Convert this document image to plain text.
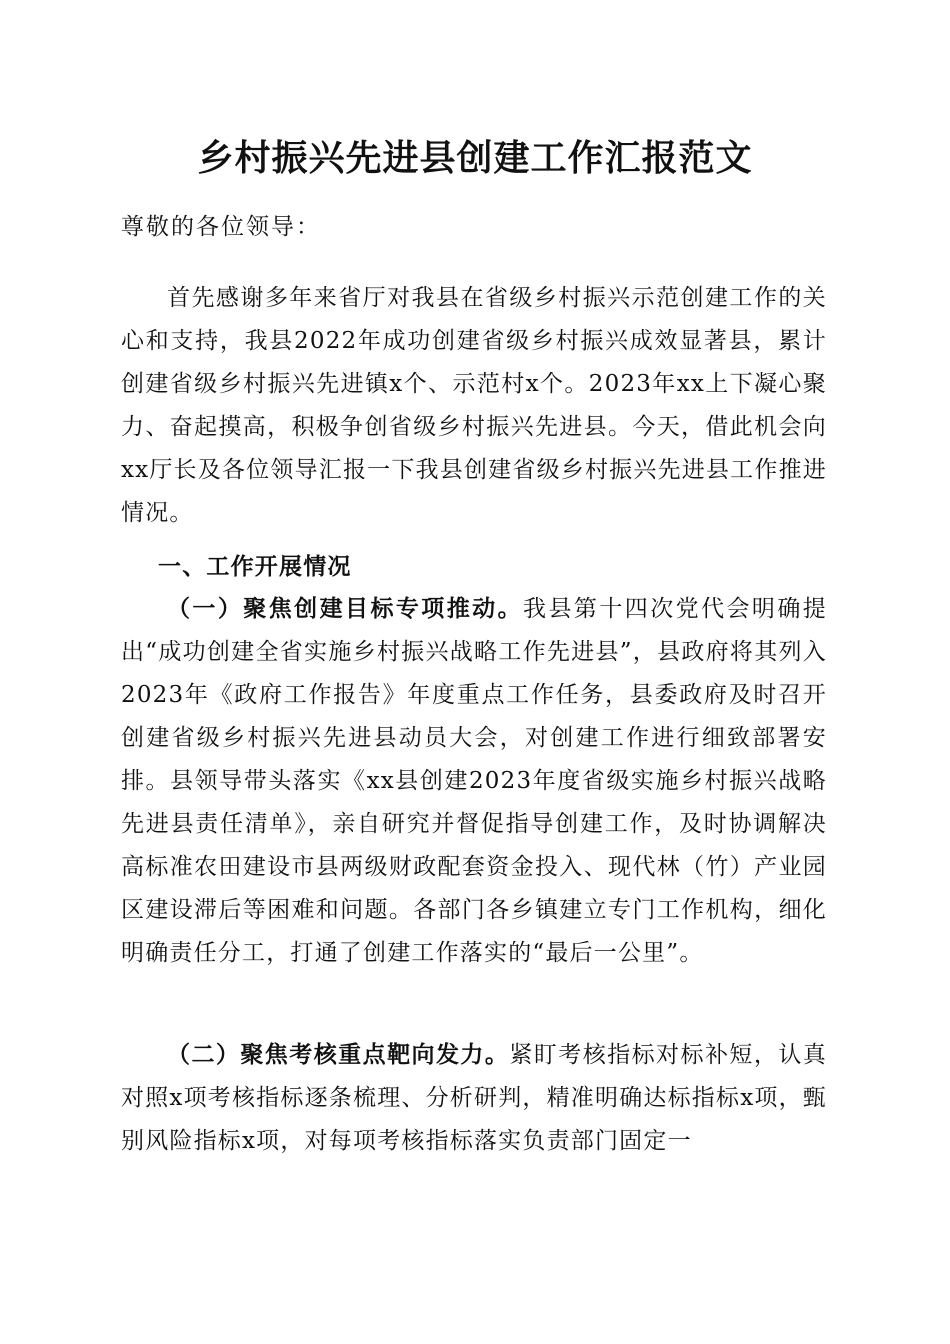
乡村振兴先进县创建工作汇报范文
尊敬的各位领导：

首先感谢多年来省厅对我县在省级乡村振兴示范创建工作的关心和支持，我县2022年成功创建省级乡村振兴成效显著县，累计创建省级乡村振兴先进镇x个、示范村x个。2023年xx上下凝心聚力、奋起摸高，积极争创省级乡村振兴先进县。今天，借此机会向xx厅长及各位领导汇报一下我县创建省级乡村振兴先进县工作推进情况。

一、工作开展情况

（一）聚焦创建目标专项推动。我县第十四次党代会明确提出“成功创建全省实施乡村振兴战略工作先进县”，县政府将其列入2023年《政府工作报告》年度重点工作任务，县委政府及时召开创建省级乡村振兴先进县动员大会，对创建工作进行细致部署安排。县领导带头落实《xx县创建2023年度省级实施乡村振兴战略先进县责任清单》，亲自研究并督促指导创建工作，及时协调解决高标准农田建设市县两级财政配套资金投入、现代林（竹）产业园区建设滞后等困难和问题。各部门各乡镇建立专门工作机构，细化明确责任分工，打通了创建工作落实的“最后一公里”。

（二）聚焦考核重点靶向发力。紧盯考核指标对标补短，认真对照x项考核指标逐条梳理、分析研判，精准明确达标指标x项，甄别风险指标x项，对每项考核指标落实负责部门固定一
